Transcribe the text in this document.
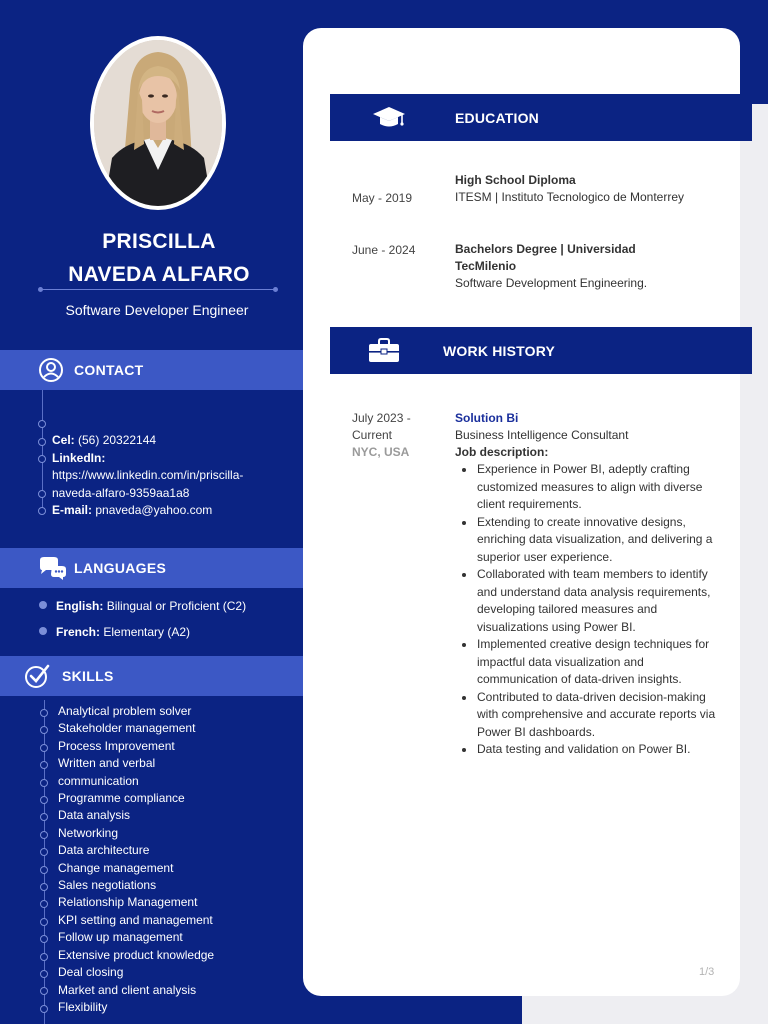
PRISCILLA
NAVEDA ALFARO
Software Developer Engineer
CONTACT
Cel: (56) 20322144
LinkedIn:
https://www.linkedin.com/in/priscilla-
naveda-alfaro-9359aa1a8
E-mail: pnaveda@yahoo.com
LANGUAGES
English: Bilingual or Proficient (C2)
French: Elementary (A2)
SKILLS
Analytical problem solver
Stakeholder management
Process Improvement
Written and verbal
communication
Programme compliance
Data analysis
Networking
Data architecture
Change management
Sales negotiations
Relationship Management
KPI setting and management
Follow up management
Extensive product knowledge
Deal closing
Market and client analysis
Flexibility
EDUCATION
May - 2019
High School Diploma
ITESM | Instituto Tecnologico de Monterrey
June - 2024	Bachelors Degree | Universidad
TecMilenio
Software Development Engineering.
WORK HISTORY
July 2023 -
Current
NYC, USA
Solution Bi
Business Intelligence Consultant
Job description:
Experience in Power BI, adeptly crafting customized measures to align with diverse client requirements.
Extending to create innovative designs, enriching data visualization, and delivering a superior user experience.
Collaborated with team members to identify and understand data analysis requirements, developing tailored measures and visualizations using Power BI.
Implemented creative design techniques for impactful data visualization and communication of data-driven insights.
Contributed to data-driven decision-making with comprehensive and accurate reports via Power BI dashboards.
Data testing and validation on Power BI.
1/3
